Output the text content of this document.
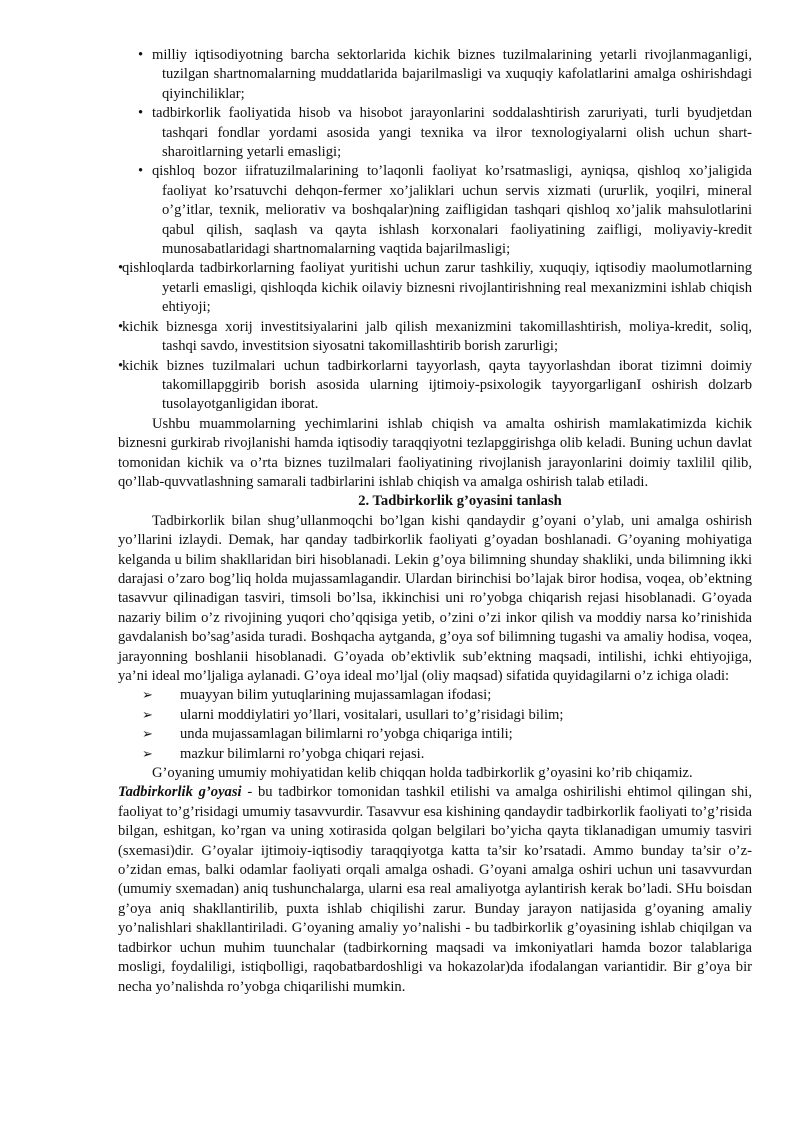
• milliy iqtisodiyotning barcha sektorlarida kichik biznes tuzilmalarining yetarli rivojlanmaganligi, tuzilgan shartnomalarning muddatlarida bajarilmasligi va xuquqiy kafolatlarini amalga oshirishdagi qiyinchiliklar;
• tadbirkorlik faoliyatida hisob va hisobot jarayonlarini soddalashtirish zaruriyati, turli byudjetdan tashqari fondlar yordami asosida yangi texnika va ilғor texnologiyalarni olish uchun shart-sharoitlarning yetarli emasligi;
• qishloq bozor iifratuzilmalarining to’laqonli faoliyat ko’rsatmasligi, ayniqsa, qishloq xo’jaligida faoliyat ko’rsatuvchi dehqon-fermer xo’jaliklari uchun servis xizmati (uruғlik, yoqilғi, mineral o’g’itlar, texnik, meliorativ va boshqalar)ning zaifligidan tashqari qishloq xo’jalik mahsulotlarini qabul qilish, saqlash va qayta ishlash korxonalari faoliyatining zaifligi, moliyaviy-kredit munosabatlaridagi shartnomalarning vaqtida bajarilmasligi;
•qishloqlarda tadbirkorlarning faoliyat yuritishi uchun zarur tashkiliy, xuquqiy, iqtisodiy maolumotlarning yetarli emasligi, qishloqda kichik oilaviy biznesni rivojlantirishning real mexanizmini ishlab chiqish ehtiyoji;
•kichik biznesga xorij investitsiyalarini jalb qilish mexanizmini takomillashtirish, moliya-kredit, soliq, tashqi savdo, investitsion siyosatni takomillashtirib borish zarurligi;
•kichik biznes tuzilmalari uchun tadbirkorlarni tayyorlash, qayta tayyorlashdan iborat tizimni doimiy takomillapggirib borish asosida ularning ijtimoiy-psixologik tayyorgarliganI oshirish dolzarb tusolayotganligidan iborat.

Ushbu muammolarning yechimlarini ishlab chiqish va amalta oshirish mamlakatimizda kichik biznesni gurkirab rivojlanishi hamda iqtisodiy taraqqiyotni tezlapggirishga olib keladi. Buning uchun davlat tomonidan kichik va o’rta biznes tuzilmalari faoliyatining rivojlanish jarayonlarini doimiy taxlilil qilib, qo’llab-quvvatlashning samarali tadbirlarini ishlab chiqish va amalga oshirish talab etiladi.

2. Tadbirkorlik g’oyasini tanlash

Tadbirkorlik bilan shug’ullanmoqchi bo’lgan kishi qandaydir g’oyani o’ylab, uni amalga oshirish yo’llarini izlaydi. Demak, har qanday tadbirkorlik faoliyati g’oyadan boshlanadi. G’oyaning mohiyatiga kelganda u bilim shakllaridan biri hisoblanadi. Lekin g’oya bilimning shunday shakliki, unda bilimning ikki darajasi o’zaro bog’liq holda mujassamlagandir. Ulardan birinchisi bo’lajak biror hodisa, voqea, ob’ektning tasavvur qilinadigan tasviri, timsoli bo’lsa, ikkinchisi uni ro’yobga chiqarish rejasi hisoblanadi. G’oyada nazariy bilim o’z rivojining yuqori cho’qqisiga yetib, o’zini o’zi inkor qilish va moddiy narsa ko’rinishida gavdalanish bo’sag’asida turadi. Boshqacha aytganda, g’oya sof bilimning tugashi va amaliy hodisa, voqea, jarayonning boshlanii hisoblanadi. G’oyada ob’ektivlik sub’ektning maqsadi, intilishi, ichki ehtiyojiga, ya’ni ideal mo’ljaliga aylanadi. G’oya ideal mo’ljal (oliy maqsad) sifatida quyidagilarni o’z ichiga oladi:

➢ muayyan bilim yutuqlarining mujassamlagan ifodasi;
➢ ularni moddiylatiri yo’llari, vositalari, usullari to’g’risidagi bilim;
➢ unda mujassamlagan bilimlarni ro’yobga chiqariga intili;
➢ mazkur bilimlarni ro’yobga chiqari rejasi.

G’oyaning umumiy mohiyatidan kelib chiqqan holda tadbirkorlik g’oyasini ko’rib chiqamiz.

Tadbirkorlik g’oyasi - bu tadbirkor tomonidan tashkil etilishi va amalga oshirilishi ehtimol qilingan shi, faoliyat to’g’risidagi umumiy tasavvurdir. Tasavvur esa kishining qandaydir tadbirkorlik faoliyati to’g’risida bilgan, eshitgan, ko’rgan va uning xotirasida qolgan belgilari bo’yicha qayta tiklanadigan umumiy tasviri (sxemasi)dir. G’oyalar ijtimoiy-iqtisodiy taraqqiyotga katta ta’sir ko’rsatadi. Ammo bunday ta’sir o’z-o’zidan emas, balki odamlar faoliyati orqali amalga oshadi. G’oyani amalga oshiri uchun uni tasavvurdan (umumiy sxemadan) aniq tushunchalarga, ularni esa real amaliyotga aylantirish kerak bo’ladi. SHu boisdan g’oya aniq shakllantirilib, puxta ishlab chiqilishi zarur. Bunday jarayon natijasida g’oyaning amaliy yo’nalishlari shakllantiriladi. G’oyaning amaliy yo’nalishi - bu tadbirkorlik g’oyasining ishlab chiqilgan va tadbirkor uchun muhim tuunchalar (tadbirkorning maqsadi va imkoniyatlari hamda bozor talablariga mosligi, foydaliligi, istiqbolligi, raqobatbardoshligi va hokazolar)da ifodalangan variantidir. Bir g’oya bir necha yo’nalishda ro’yobga chiqarilishi mumkin.
